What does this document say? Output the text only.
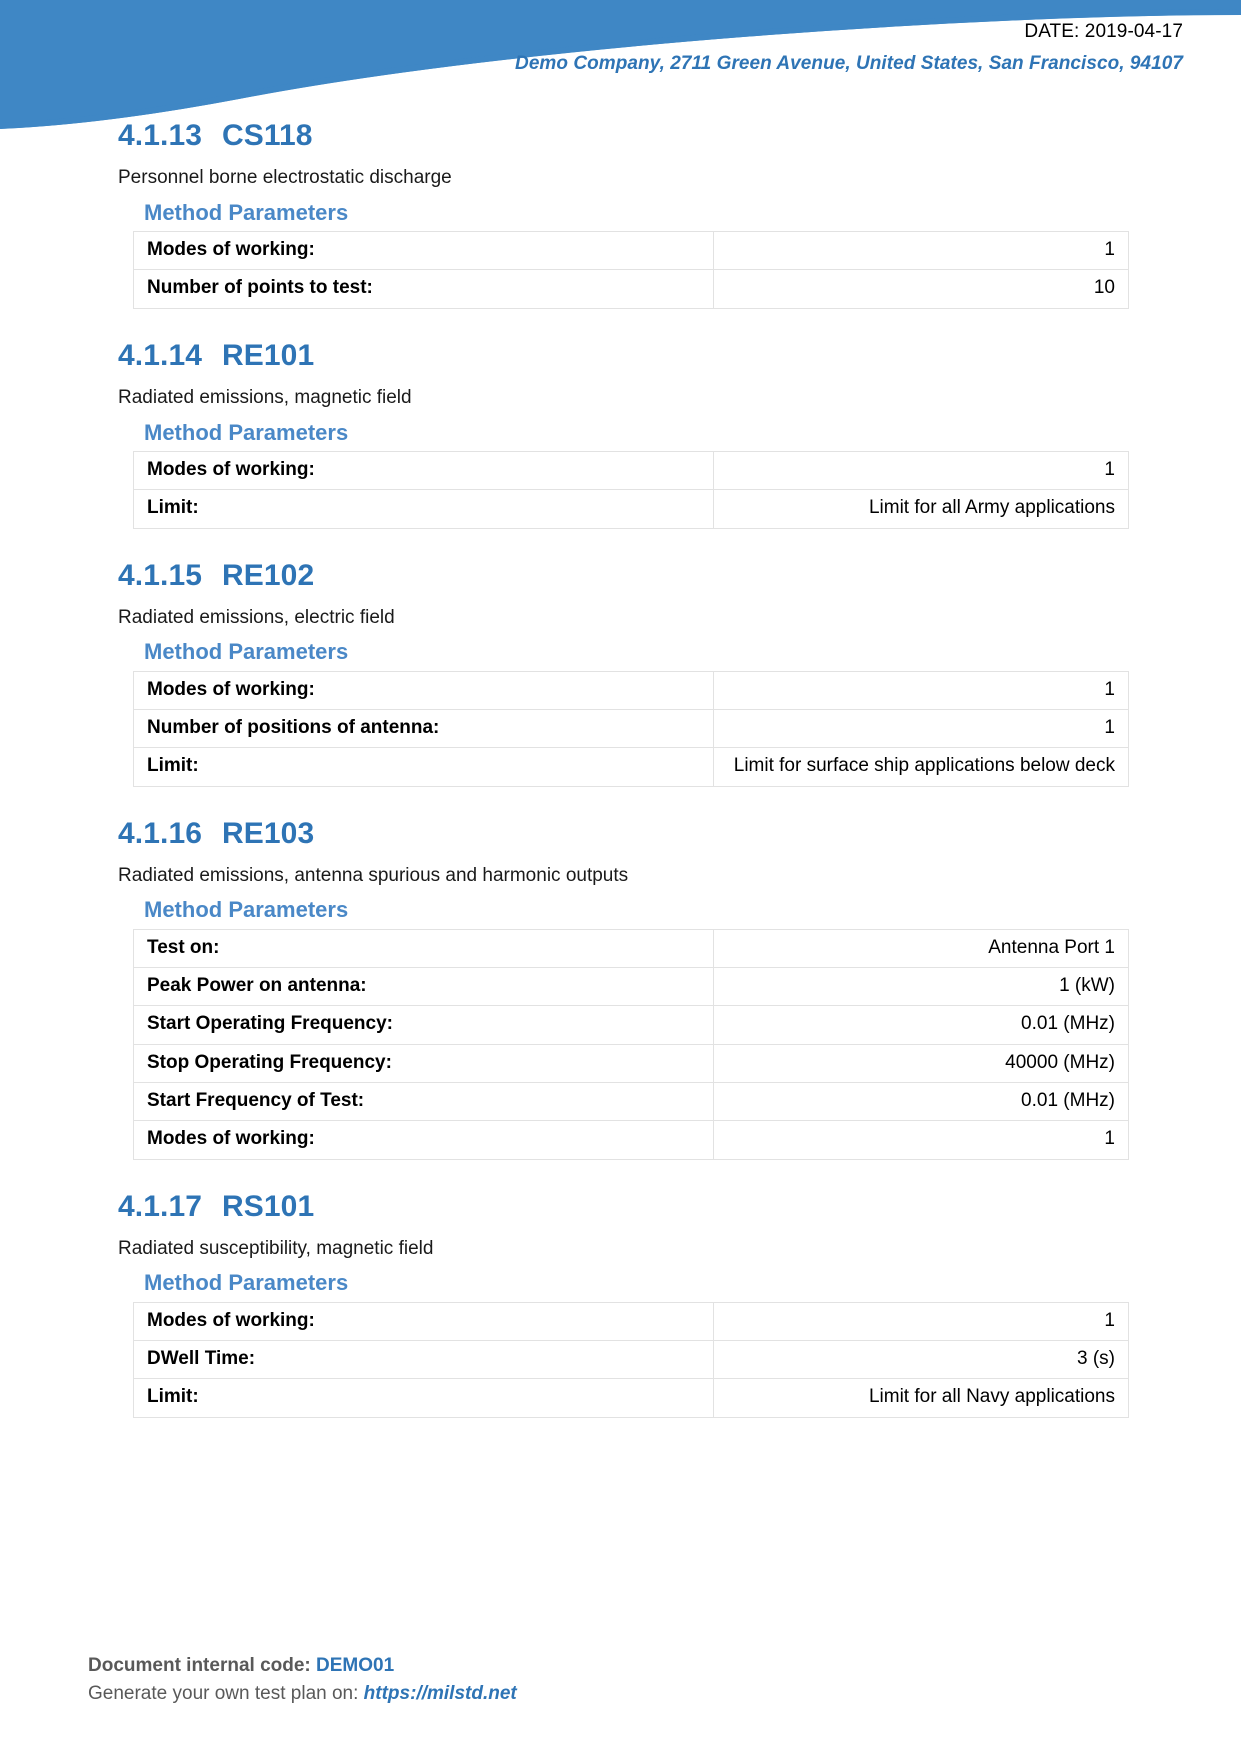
DATE: 2019-04-17
Demo Company, 2711 Green Avenue, United States, San Francisco, 94107
4.1.13 CS118

Personnel borne electrostatic discharge

Method Parameters
Modes of working:	1
Number of points to test:	10
4.1.14 RE101

Radiated emissions, magnetic field

Method Parameters
Modes of working:	1
Limit:	Limit for all Army applications
4.1.15 RE102

Radiated emissions, electric field

Method Parameters
Modes of working:	1
Number of positions of antenna:	1
Limit:	Limit for surface ship applications below deck
4.1.16 RE103

Radiated emissions, antenna spurious and harmonic outputs

Method Parameters
Test on:	Antenna Port 1
Peak Power on antenna:	1 (kW)
Start Operating Frequency:	0.01 (MHz)
Stop Operating Frequency:	40000 (MHz)
Start Frequency of Test:	0.01 (MHz)
Modes of working:	1
4.1.17 RS101

Radiated susceptibility, magnetic field

Method Parameters
Modes of working:	1
DWell Time:	3 (s)
Limit:	Limit for all Navy applications
Document internal code: DEMO01
Generate your own test plan on: https://milstd.net
